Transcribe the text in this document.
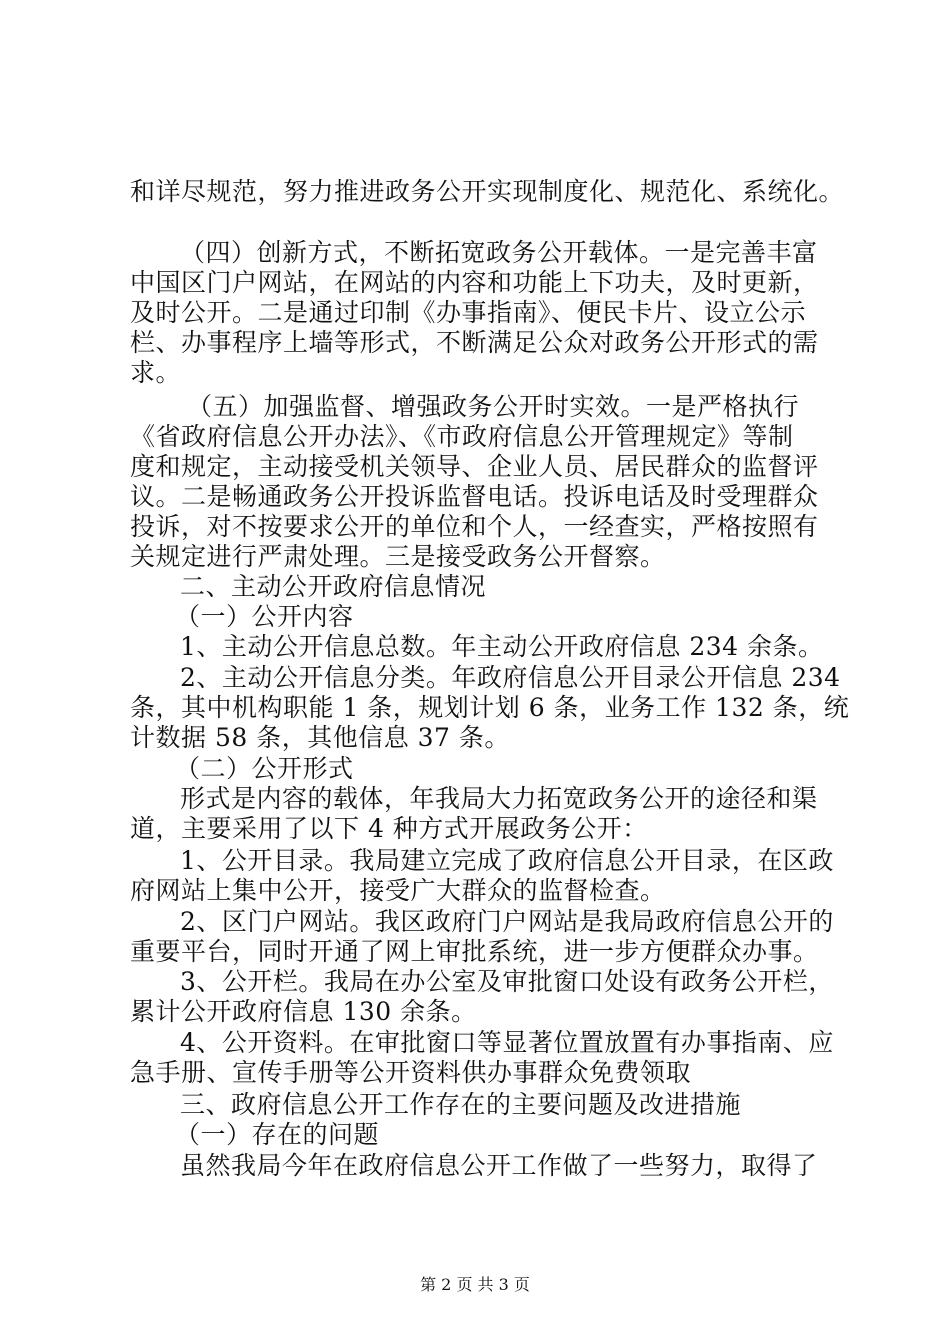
和详尽规范，努力推进政务公开实现制度化、规范化、系统化。
（四）创新方式，不断拓宽政务公开载体。一是完善丰富
中国区门户网站，在网站的内容和功能上下功夫，及时更新，
及时公开。二是通过印制《办事指南》、便民卡片、设立公示
栏、办事程序上墙等形式，不断满足公众对政务公开形式的需
求。
（五）加强监督、增强政务公开时实效。一是严格执行
《省政府信息公开办法》、《市政府信息公开管理规定》等制
度和规定，主动接受机关领导、企业人员、居民群众的监督评
议。二是畅通政务公开投诉监督电话。投诉电话及时受理群众
投诉，对不按要求公开的单位和个人，一经查实，严格按照有
关规定进行严肃处理。三是接受政务公开督察。
二、主动公开政府信息情况
（一）公开内容
1、主动公开信息总数。年主动公开政府信息 234 余条。
2、主动公开信息分类。年政府信息公开目录公开信息 234
条，其中机构职能 1 条，规划计划 6 条，业务工作 132 条，统
计数据 58 条，其他信息 37 条。
（二）公开形式
形式是内容的载体，年我局大力拓宽政务公开的途径和渠
道，主要采用了以下 4 种方式开展政务公开：
1、公开目录。我局建立完成了政府信息公开目录，在区政
府网站上集中公开，接受广大群众的监督检查。
2、区门户网站。我区政府门户网站是我局政府信息公开的
重要平台，同时开通了网上审批系统，进一步方便群众办事。
3、公开栏。我局在办公室及审批窗口处设有政务公开栏，
累计公开政府信息 130 余条。
4、公开资料。在审批窗口等显著位置放置有办事指南、应
急手册、宣传手册等公开资料供办事群众免费领取
三、政府信息公开工作存在的主要问题及改进措施
（一）存在的问题
虽然我局今年在政府信息公开工作做了一些努力，取得了
第 2 页 共 3 页
